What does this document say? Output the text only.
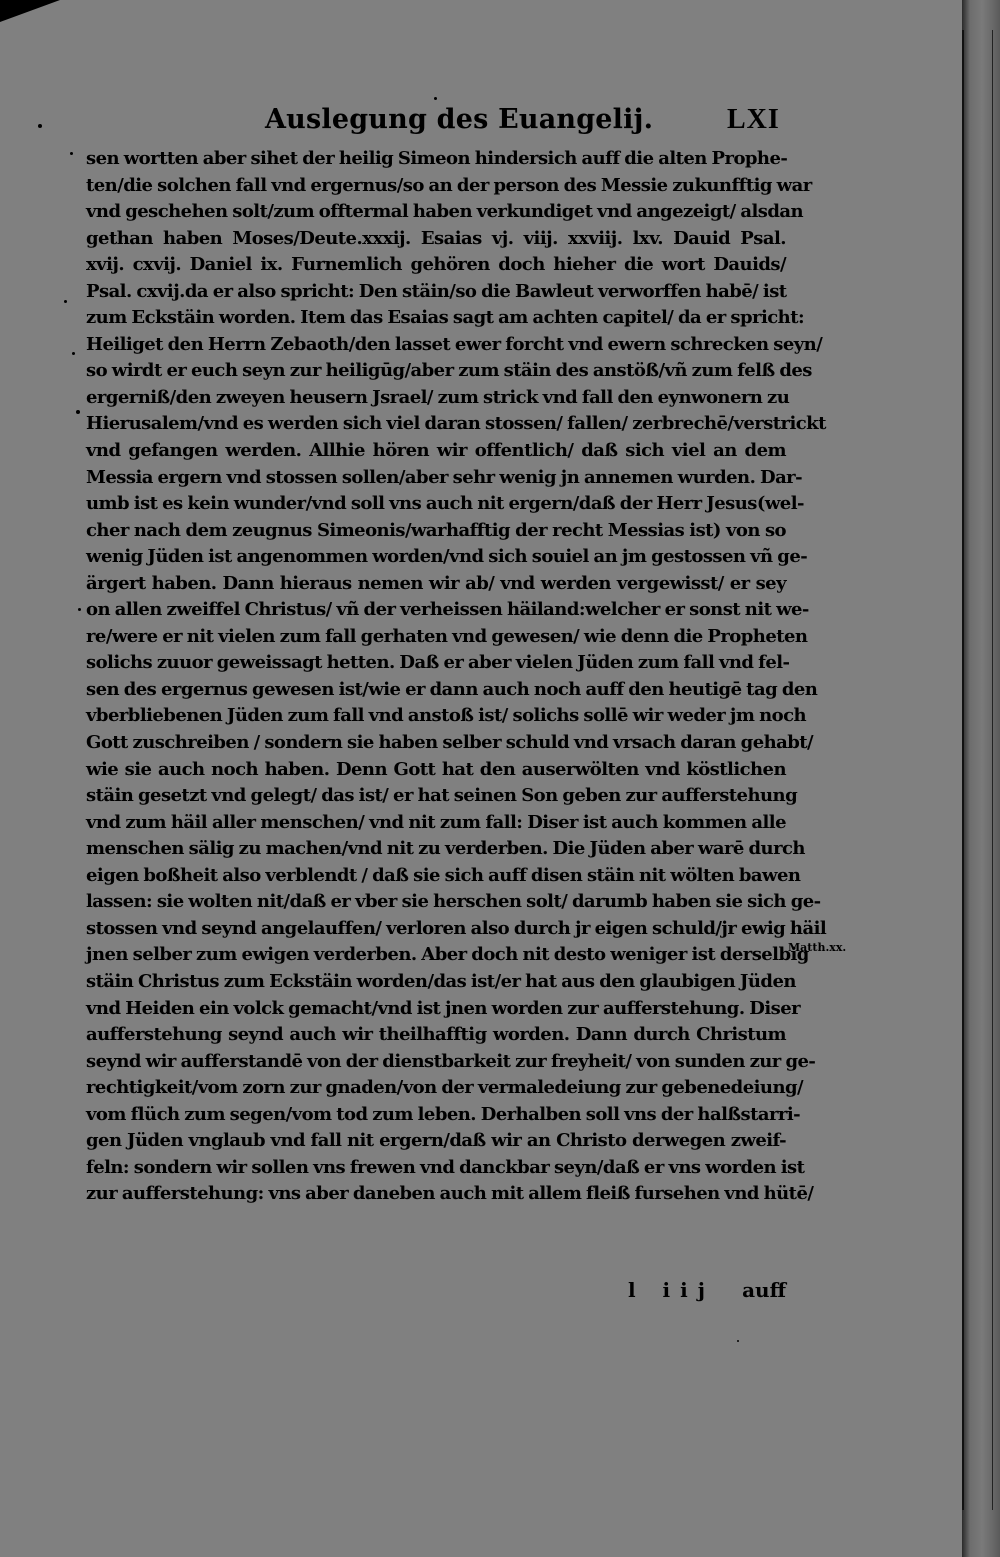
Auslegung des Euangelij.	LXI
sen wortten aber sihet der heilig Simeon hindersich auff die alten Prophe-
ten/die solchen fall vnd ergernus/so an der person des Messie zukunfftig war
vnd geschehen solt/zum offtermal haben verkundiget vnd angezeigt/ alsdan
gethan haben Moses/Deute.xxxij. Esaias vj. viij. xxviij. lxv. Dauid Psal.
xvij. cxvij. Daniel ix. Furnemlich gehören doch hieher die wort Dauids/
Psal. cxvij.da er also spricht: Den stäin/so die Bawleut verworffen habē/ ist
zum Eckstäin worden. Item das Esaias sagt am achten capitel/ da er spricht:
Heiliget den Herrn Zebaoth/den lasset ewer forcht vnd ewern schrecken seyn/
so wirdt er euch seyn zur heiligūg/aber zum stäin des anstöß/vñ zum felß des
ergerniß/den zweyen heusern Jsrael/ zum strick vnd fall den eynwonern zu
Hierusalem/vnd es werden sich viel daran stossen/ fallen/ zerbrechē/verstrickt
vnd gefangen werden. Allhie hören wir offentlich/ daß sich viel an dem
Messia ergern vnd stossen sollen/aber sehr wenig jn annemen wurden. Dar-
umb ist es kein wunder/vnd soll vns auch nit ergern/daß der Herr Jesus(wel-
cher nach dem zeugnus Simeonis/warhafftig der recht Messias ist) von so
wenig Jüden ist angenommen worden/vnd sich souiel an jm gestossen vñ ge-
ärgert haben. Dann hieraus nemen wir ab/ vnd werden vergewisst/ er sey
on allen zweiffel Christus/ vñ der verheissen häiland:welcher er sonst nit we-
re/were er nit vielen zum fall gerhaten vnd gewesen/ wie denn die Propheten
solichs zuuor geweissagt hetten. Daß er aber vielen Jüden zum fall vnd fel-
sen des ergernus gewesen ist/wie er dann auch noch auff den heutigē tag den
vberbliebenen Jüden zum fall vnd anstoß ist/ solichs sollē wir weder jm noch
Gott zuschreiben / sondern sie haben selber schuld vnd vrsach daran gehabt/
wie sie auch noch haben. Denn Gott hat den auserwölten vnd köstlichen
stäin gesetzt vnd gelegt/ das ist/ er hat seinen Son geben zur aufferstehung
vnd zum häil aller menschen/ vnd nit zum fall: Diser ist auch kommen alle
menschen sälig zu machen/vnd nit zu verderben. Die Jüden aber warē durch
eigen boßheit also verblendt / daß sie sich auff disen stäin nit wölten bawen
lassen: sie wolten nit/daß er vber sie herschen solt/ darumb haben sie sich ge-
stossen vnd seynd angelauffen/ verloren also durch jr eigen schuld/jr ewig häil
jnen selber zum ewigen verderben. Aber doch nit desto weniger ist derselbig
stäin Christus zum Eckstäin worden/das ist/er hat aus den glaubigen Jüden
vnd Heiden ein volck gemacht/vnd ist jnen worden zur aufferstehung. Diser
aufferstehung seynd auch wir theilhafftig worden. Dann durch Christum
seynd wir aufferstandē von der dienstbarkeit zur freyheit/ von sunden zur ge-
rechtigkeit/vom zorn zur gnaden/von der vermaledeiung zur gebenedeiung/
vom flüch zum segen/vom tod zum leben. Derhalben soll vns der halßstarri-
gen Jüden vnglaub vnd fall nit ergern/daß wir an Christo derwegen zweif-
feln: sondern wir sollen vns frewen vnd danckbar seyn/daß er vns worden ist
zur aufferstehung: vns aber daneben auch mit allem fleiß fursehen vnd hütē/
Matth.xx.
l iij auff
